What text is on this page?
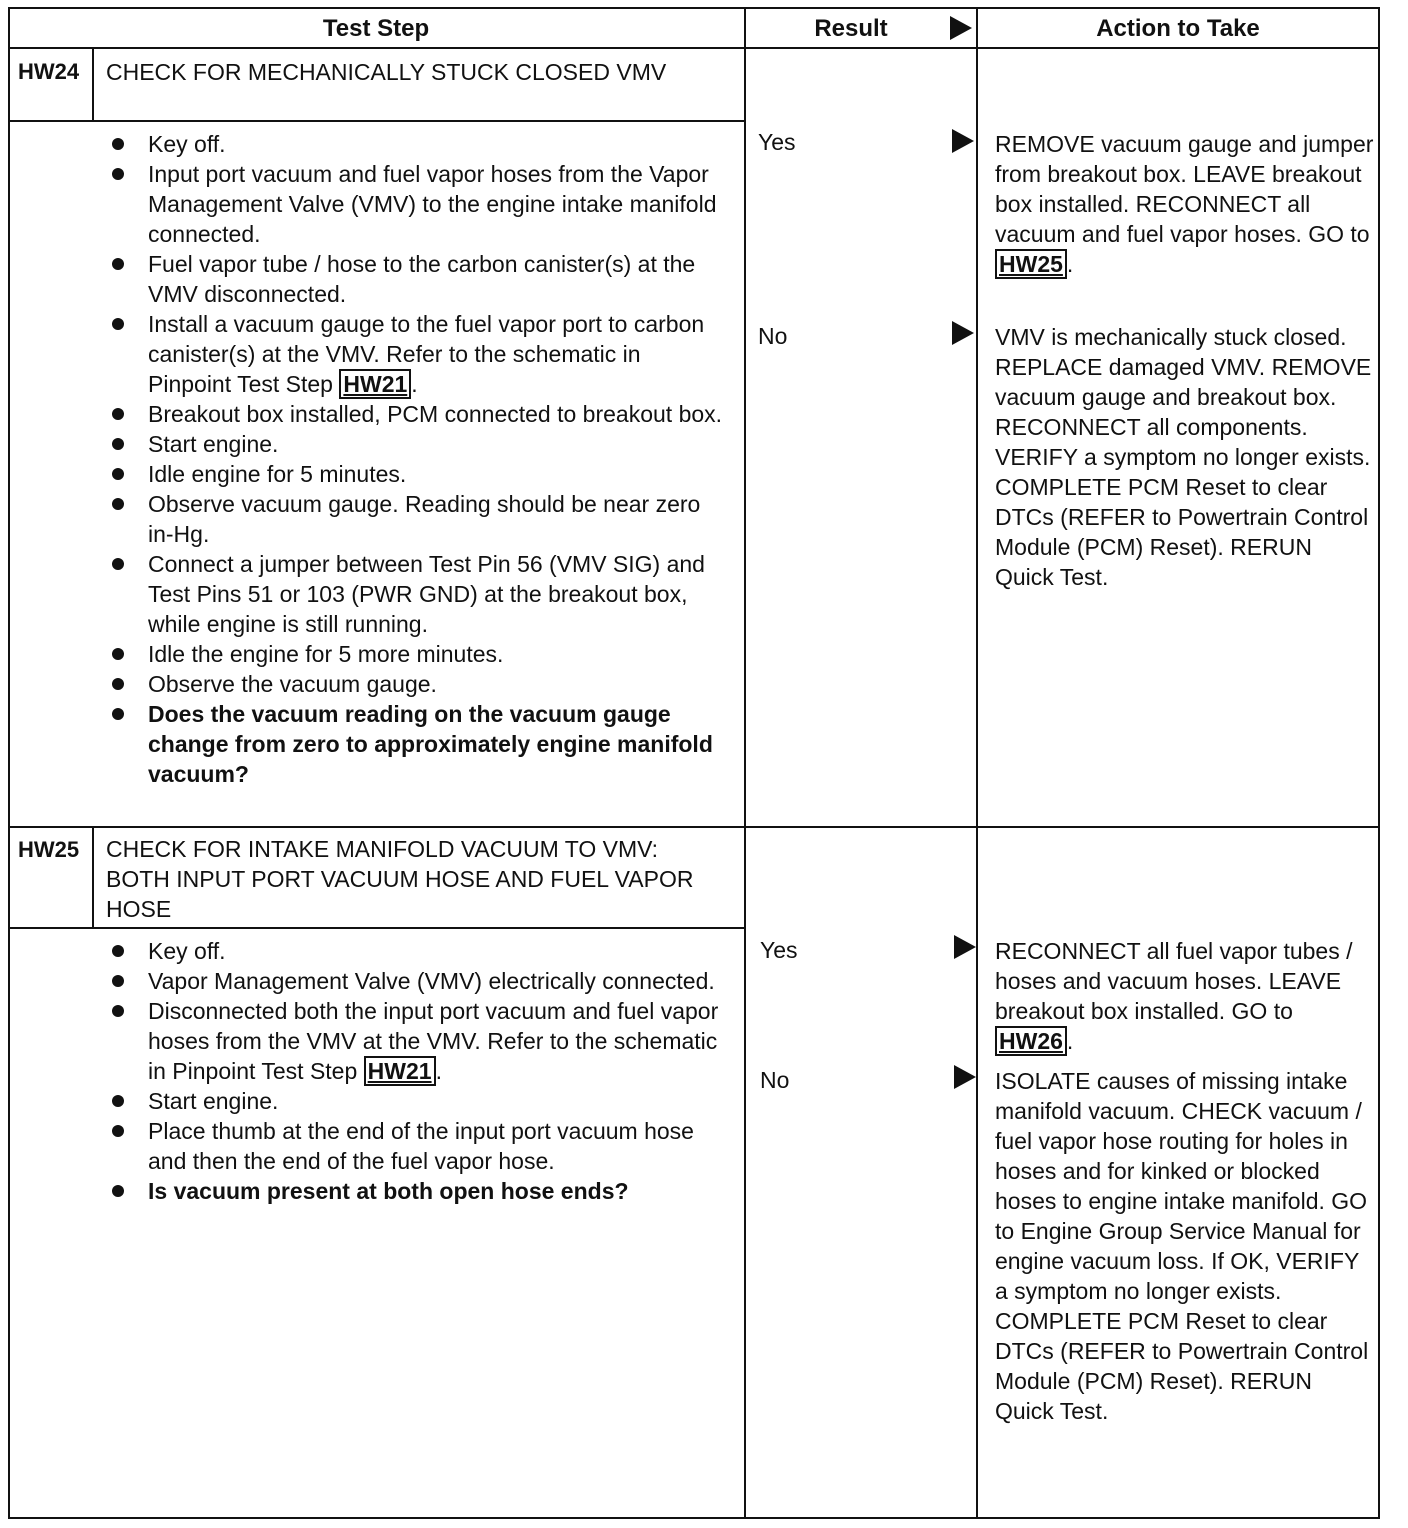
Test Step	Result	Action to Take
HW24 CHECK FOR MECHANICALLY STUCK CLOSED VMV
Key off.
Input port vacuum and fuel vapor hoses from the Vapor Management Valve (VMV) to the engine intake manifold connected.
Fuel vapor tube / hose to the carbon canister(s) at the VMV disconnected.
Install a vacuum gauge to the fuel vapor port to carbon canister(s) at the VMV. Refer to the schematic in Pinpoint Test Step HW21 .
Breakout box installed, PCM connected to breakout box.
Start engine.
Idle engine for 5 minutes.
Observe vacuum gauge. Reading should be near zero in-Hg.
Connect a jumper between Test Pin 56 (VMV SIG) and Test Pins 51 or 103 (PWR GND) at the breakout box, while engine is still running.
Idle the engine for 5 more minutes.
Observe the vacuum gauge.
Does the vacuum reading on the vacuum gauge change from zero to approximately engine manifold vacuum?
Yes	REMOVE vacuum gauge and jumper from breakout box. LEAVE breakout box installed. RECONNECT all vacuum and fuel vapor hoses. GO to HW25 .
No	VMV is mechanically stuck closed. REPLACE damaged VMV. REMOVE vacuum gauge and breakout box. RECONNECT all components. VERIFY a symptom no longer exists. COMPLETE PCM Reset to clear DTCs (REFER to Powertrain Control Module (PCM) Reset). RERUN Quick Test.
HW25 CHECK FOR INTAKE MANIFOLD VACUUM TO VMV: BOTH INPUT PORT VACUUM HOSE AND FUEL VAPOR HOSE
Key off.
Vapor Management Valve (VMV) electrically connected.
Disconnected both the input port vacuum and fuel vapor hoses from the VMV at the VMV. Refer to the schematic in Pinpoint Test Step HW21 .
Start engine.
Place thumb at the end of the input port vacuum hose and then the end of the fuel vapor hose.
Is vacuum present at both open hose ends?
Yes	RECONNECT all fuel vapor tubes / hoses and vacuum hoses. LEAVE breakout box installed. GO to HW26 .
No	ISOLATE causes of missing intake manifold vacuum. CHECK vacuum / fuel vapor hose routing for holes in hoses and for kinked or blocked hoses to engine intake manifold. GO to Engine Group Service Manual for engine vacuum loss. If OK, VERIFY a symptom no longer exists. COMPLETE PCM Reset to clear DTCs (REFER to Powertrain Control Module (PCM) Reset). RERUN Quick Test.
